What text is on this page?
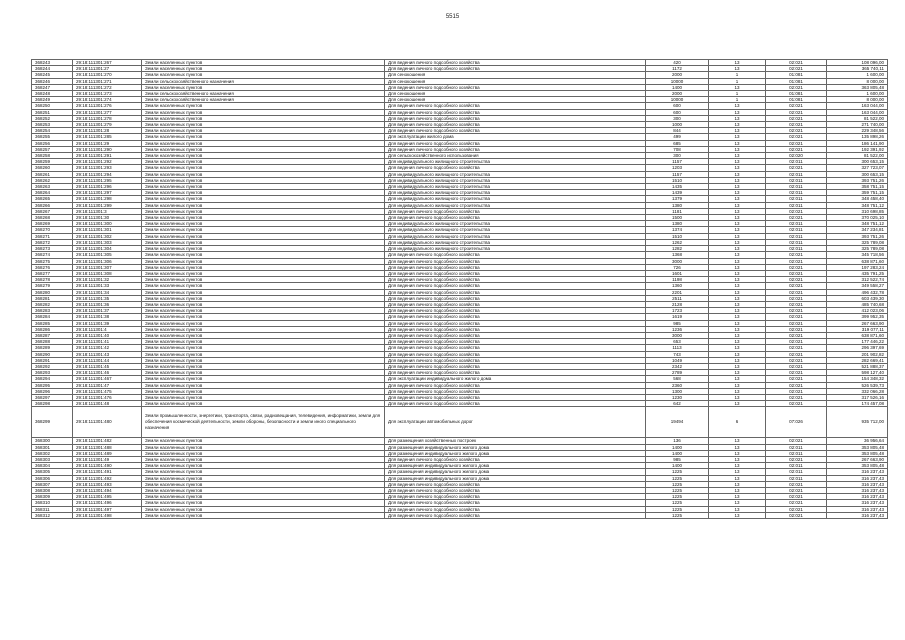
5515
368243	29:18:111301:267	Земли населенных пунктов	Для ведения личного подсобного хозяйства	420	13	02:021	108 096,00
368244	29:18:111301:27	Земли населенных пунктов	Для ведения личного подсобного хозяйства	1172	13	02:021	365 740,11
368245	29:18:111301:270	Земли населенных пунктов	Для сенокошения	2000	1	01:081	1 600,00
368246	29:18:111301:271	Земли сельскохозяйственного назначения	Для сенокошения	10000	1	01:081	8 000,00
368247	29:18:111301:272	Земли населенных пунктов	Для ведения личного подсобного хозяйства	1400	13	02:021	363 805,48
368248	29:18:111301:273	Земли сельскохозяйственного назначения	Для сенокошения	2000	1	01:081	1 600,00
368249	29:18:111301:274	Земли сельскохозяйственного назначения	Для сенокошения	10000	1	01:081	8 000,00
368250	29:18:111301:276	Земли населенных пунктов	Для ведения личного подсобного хозяйства	600	13	02:021	163 044,00
368251	29:18:111301:277	Земли населенных пунктов	Для ведения личного подсобного хозяйства	600	13	02:021	163 044,00
368252	29:18:111301:278	Земли населенных пунктов	Для ведения личного подсобного хозяйства	300	13	02:021	81 522,00
368253	29:18:111301:279	Земли населенных пунктов	Для ведения личного подсобного хозяйства	1000	13	02:021	271 740,00
368254	29:18:111301:28	Земли населенных пунктов	Для ведения личного подсобного хозяйства	844	13	02:021	229 348,56
368255	29:18:111301:285	Земли населенных пунктов	Для эксплуатации жилого дома	499	13	02:021	135 898,26
368256	29:18:111301:29	Земли населенных пунктов	Для ведения личного подсобного хозяйства	685	13	02:021	186 141,90
368257	29:18:111301:290	Земли населенных пунктов	Для ведения личного подсобного хозяйства	708	13	02:021	192 391,92
368258	29:18:111301:291	Земли населенных пунктов	Для сельскохозяйственного использования	300	13	02:020	81 522,00
368259	29:18:111301:292	Земли населенных пунктов	Для индивидуального жилищного строительства	1157	13	02:011	300 653,15
368260	29:18:111301:293	Земли населенных пунктов	Для ведения личного подсобного хозяйства	1203	13	02:021	327 723,07
368261	29:18:111301:294	Земли населенных пунктов	Для индивидуального жилищного строительства	1157	13	02:011	300 653,15
368262	29:18:111301:295	Земли населенных пунктов	Для индивидуального жилищного строительства	1510	13	02:011	393 751,26
368263	29:18:111301:296	Земли населенных пунктов	Для индивидуального жилищного строительства	1435	13	02:011	358 751,15
368264	29:18:111301:297	Земли населенных пунктов	Для индивидуального жилищного строительства	1439	13	02:011	359 751,15
368265	29:18:111301:298	Земли населенных пунктов	Для индивидуального жилищного строительства	1379	13	02:011	348 458,40
368266	29:18:111301:299	Земли населенных пунктов	Для индивидуального жилищного строительства	1380	13	02:011	348 751,12
368267	29:18:111301:3	Земли населенных пунктов	Для ведения личного подсобного хозяйства	1181	13	02:021	310 698,85
368268	29:18:111301:30	Земли населенных пунктов	Для ведения личного подсобного хозяйства	1500	13	02:021	370 025,10
368269	29:18:111301:300	Земли населенных пунктов	Для индивидуального жилищного строительства	1380	13	02:011	348 751,12
368270	29:18:111301:301	Земли населенных пунктов	Для индивидуального жилищного строительства	1374	13	02:011	347 234,81
368271	29:18:111301:302	Земли населенных пунктов	Для индивидуального жилищного строительства	1510	13	02:011	393 751,26
368272	29:18:111301:303	Земли населенных пунктов	Для индивидуального жилищного строительства	1262	13	02:011	325 789,08
368273	29:18:111301:304	Земли населенных пунктов	Для индивидуального жилищного строительства	1282	13	02:011	325 789,08
368274	29:18:111301:305	Земли населенных пунктов	Для ведения личного подсобного хозяйства	1368	13	02:021	345 718,56
368275	29:18:111301:306	Земли населенных пунктов	Для ведения личного подсобного хозяйства	3000	13	02:021	638 871,60
368276	29:18:111301:307	Земли населенных пунктов	Для ведения личного подсобного хозяйства	726	13	02:021	197 283,24
368277	29:18:111301:308	Земли населенных пунктов	Для ведения личного подсобного хозяйства	1601	13	02:021	435 791,25
368278	29:18:111301:32	Земли населенных пунктов	Для ведения личного подсобного хозяйства	1198	13	02:021	312 522,74
368279	29:18:111301:33	Земли населенных пунктов	Для ведения личного подсобного хозяйства	1360	13	02:021	349 558,27
368280	29:18:111301:34	Земли населенных пунктов	Для ведения личного подсобного хозяйства	2201	13	02:021	496 432,78
368281	29:18:111301:35	Земли населенных пунктов	Для ведения личного подсобного хозяйства	2511	13	02:021	603 439,30
368282	29:18:111301:36	Земли населенных пунктов	Для ведения личного подсобного хозяйства	2128	13	02:021	485 740,68
368283	29:18:111301:37	Земли населенных пунктов	Для ведения личного подсобного хозяйства	1723	13	02:021	412 023,06
368284	29:18:111301:38	Земли населенных пунктов	Для ведения личного подсобного хозяйства	1619	13	02:021	399 952,35
368285	29:18:111301:39	Земли населенных пунктов	Для ведения личного подсобного хозяйства	985	13	02:021	267 663,90
368286	29:18:111301:4	Земли населенных пунктов	Для ведения личного подсобного хозяйства	1236	13	02:021	319 077,11
368287	29:18:111301:40	Земли населенных пунктов	Для ведения личного подсобного хозяйства	3000	13	02:021	638 871,60
368288	29:18:111301:41	Земли населенных пунктов	Для ведения личного подсобного хозяйства	653	13	02:021	177 446,22
368289	29:18:111301:42	Земли населенных пунктов	Для ведения личного подсобного хозяйства	1113	13	02:021	296 397,69
368290	29:18:111301:43	Земли населенных пунктов	Для ведения личного подсобного хозяйства	743	13	02:021	201 902,82
368291	29:18:111301:44	Земли населенных пунктов	Для ведения личного подсобного хозяйства	1049	13	02:021	282 669,41
368292	29:18:111301:45	Земли населенных пунктов	Для ведения личного подсобного хозяйства	2342	13	02:021	521 888,37
368293	29:18:111301:46	Земли населенных пунктов	Для ведения личного подсобного хозяйства	2789	13	02:021	598 127,40
368294	29:18:111301:467	Земли населенных пунктов	Для эксплуатации индивидуального жилого дома	568	13	02:021	154 348,32
368295	29:18:111301:47	Земли населенных пунктов	Для ведения личного подсобного хозяйства	2360	13	02:021	526 539,73
368296	29:18:111301:475	Земли населенных пунктов	Для ведения личного подсобного хозяйства	1300	13	02:021	332 066,28
368297	29:18:111301:476	Земли населенных пунктов	Для ведения личного подсобного хозяйства	1230	13	02:021	317 526,16
368298	29:18:111301:48	Земли населенных пунктов	Для ведения личного подсобного хозяйства	642	13	02:021	174 457,08
368299	29:18:111301:480	Земли промышленности, энергетики, транспорта, связи, радиовещания, телевидения, информатики, земли для обеспечения космической деятельности, земли обороны, безопасности и земли иного специального назначения	Для эксплуатации автомобильных дорог	19494	6	07:026	935 712,00
368300	29:18:111301:482	Земли населенных пунктов	Для размещения хозяйственных построек	136	13	02:021	36 956,64
368301	29:18:111301:488	Земли населенных пунктов	Для размещения индивидуального жилого дома	1400	13	02:011	353 805,48
368302	29:18:111301:489	Земли населенных пунктов	Для размещения индивидуального жилого дома	1400	13	02:011	353 805,48
368303	29:18:111301:49	Земли населенных пунктов	Для ведения личного подсобного хозяйства	985	13	02:021	267 663,90
368304	29:18:111301:490	Земли населенных пунктов	Для размещения индивидуального жилого дома	1400	13	02:011	353 805,48
368305	29:18:111301:491	Земли населенных пунктов	Для размещения индивидуального жилого дома	1225	13	02:011	316 237,43
368306	29:18:111301:492	Земли населенных пунктов	Для размещения индивидуального жилого дома	1225	13	02:011	316 237,43
368307	29:18:111301:493	Земли населенных пунктов	Для ведения личного подсобного хозяйства	1225	13	02:021	316 237,43
368308	29:18:111301:494	Земли населенных пунктов	Для ведения личного подсобного хозяйства	1225	13	02:021	316 237,43
368309	29:18:111301:495	Земли населенных пунктов	Для ведения личного подсобного хозяйства	1225	13	02:021	316 237,43
368310	29:18:111301:496	Земли населенных пунктов	Для ведения личного подсобного хозяйства	1225	13	02:021	316 237,43
368311	29:18:111301:497	Земли населенных пунктов	Для ведения личного подсобного хозяйства	1225	13	02:021	316 237,43
368312	29:18:111301:498	Земли населенных пунктов	Для ведения личного подсобного хозяйства	1225	13	02:021	316 237,43
